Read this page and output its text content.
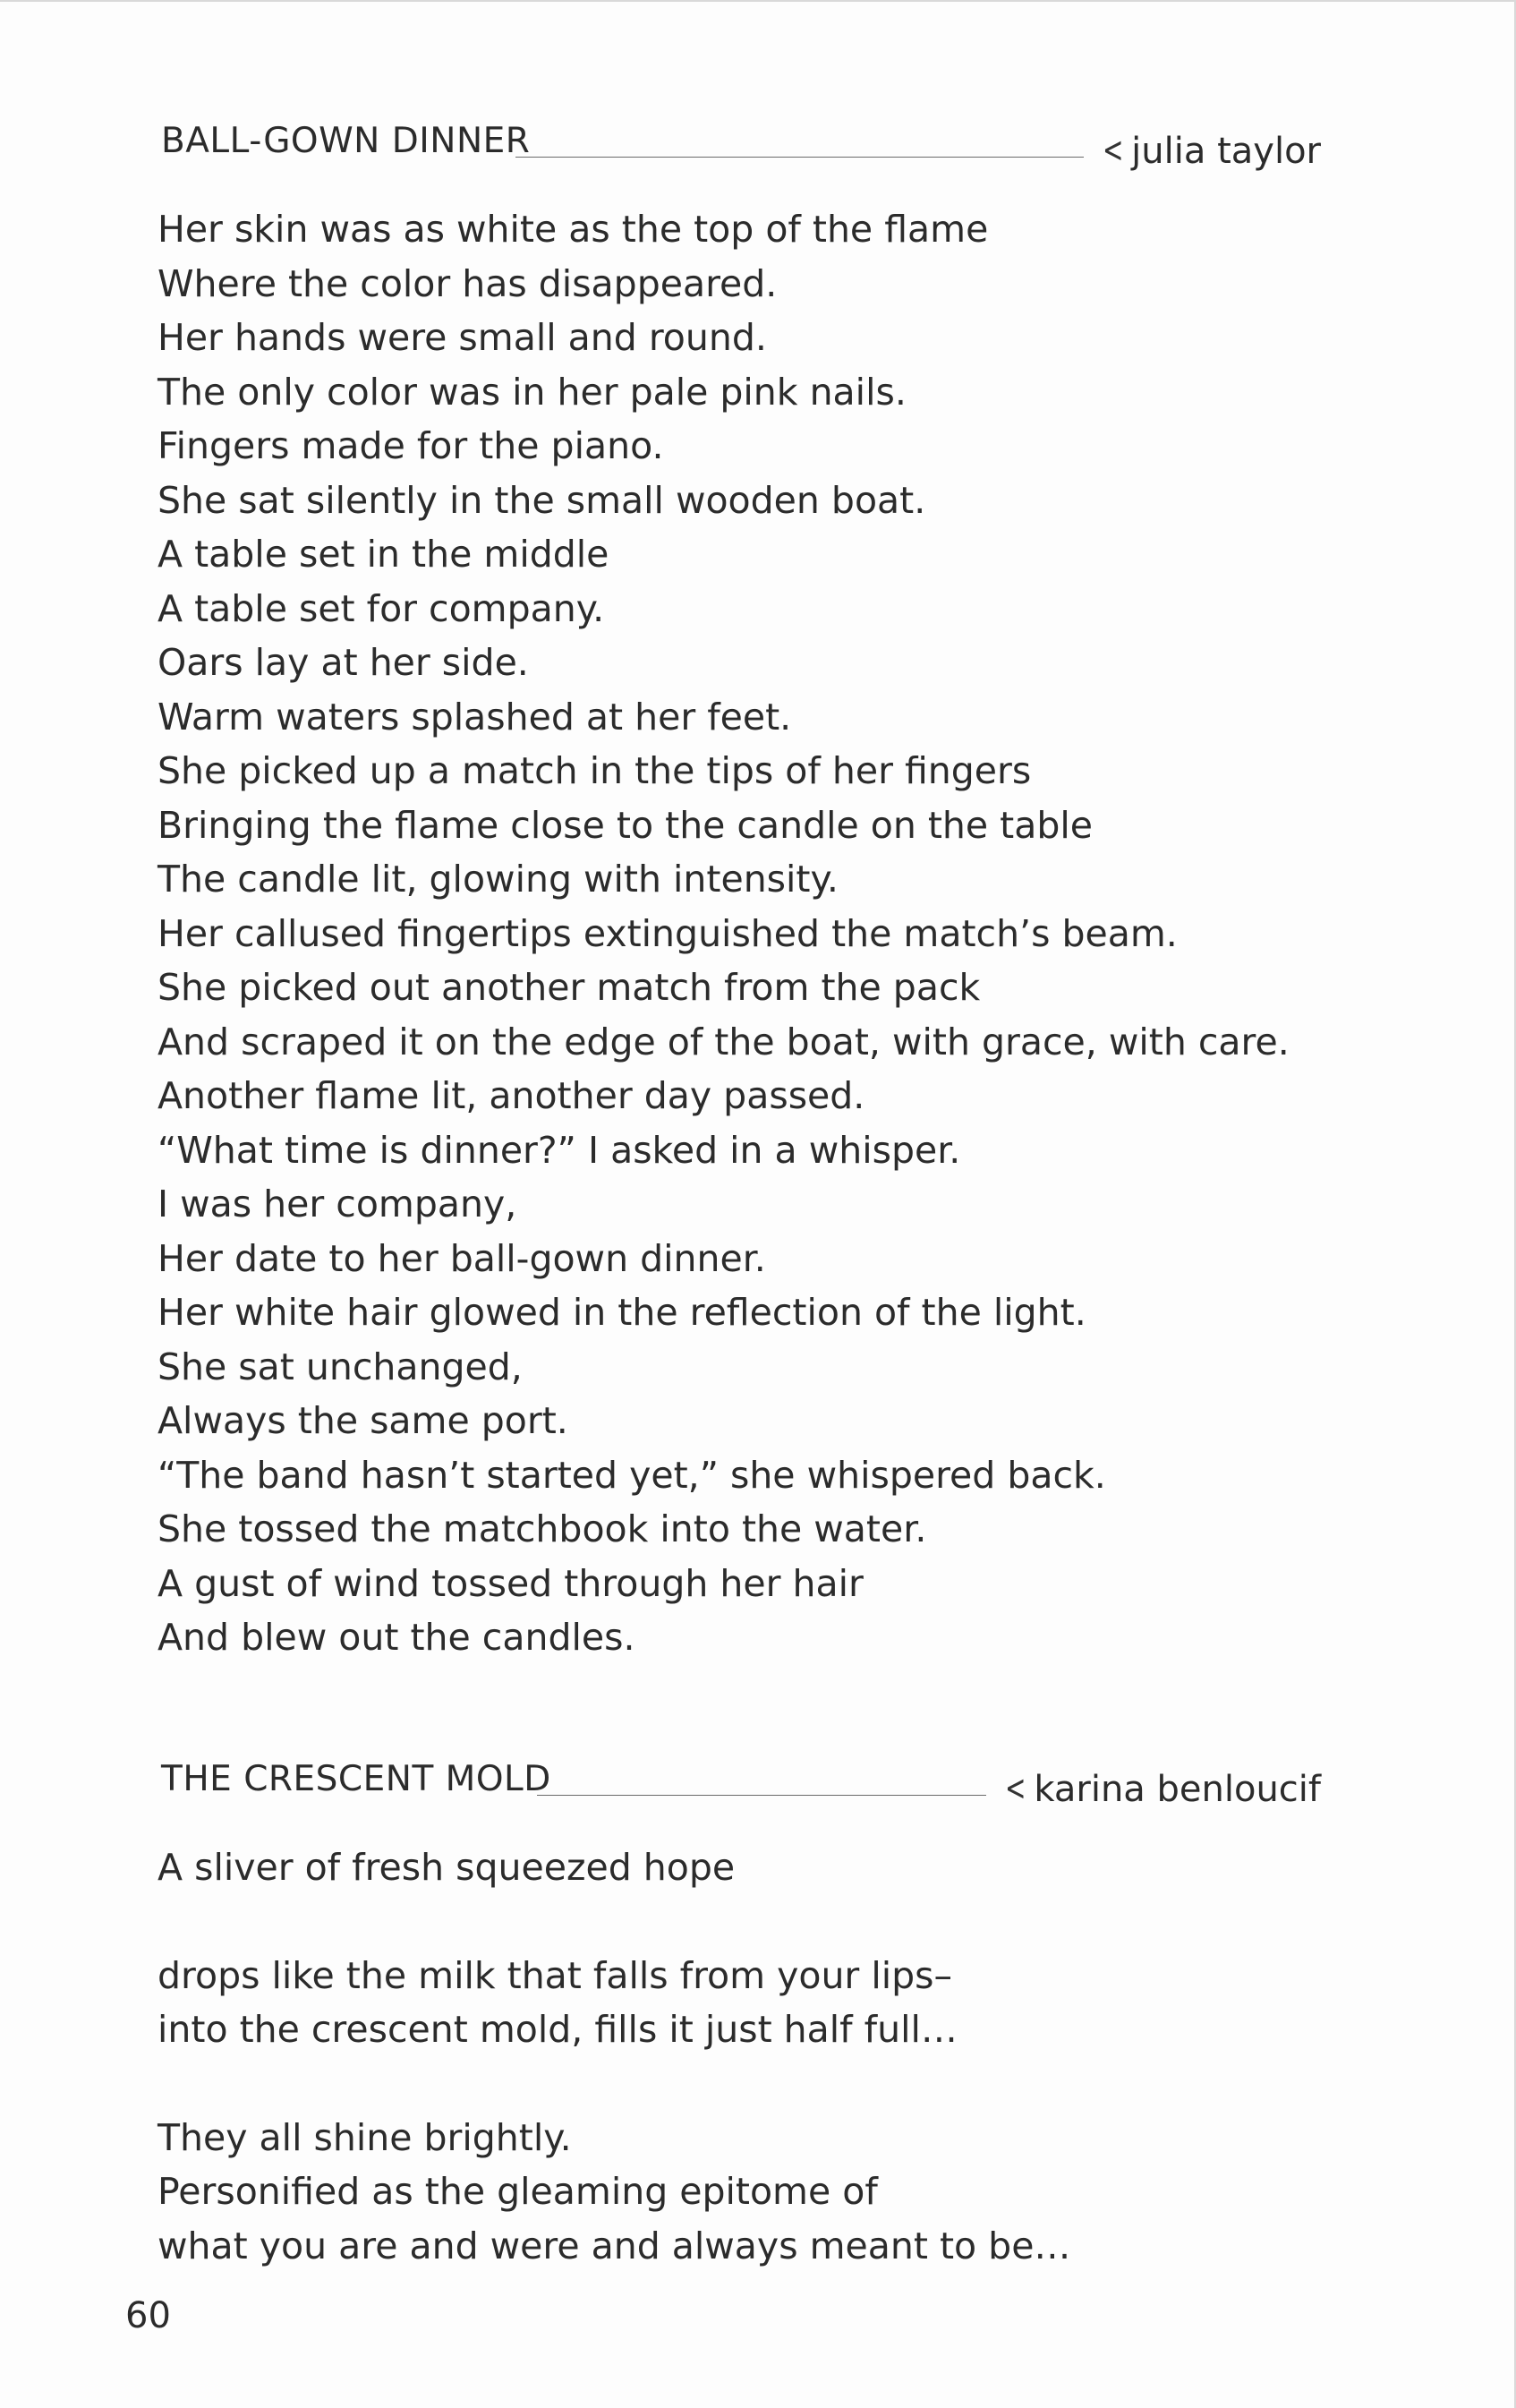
BALL-GOWN DINNER	< julia taylor
Her skin was as white as the top of the flame
Where the color has disappeared.
Her hands were small and round.
The only color was in her pale pink nails.
Fingers made for the piano.
She sat silently in the small wooden boat.
A table set in the middle
A table set for company.
Oars lay at her side.
Warm waters splashed at her feet.
She picked up a match in the tips of her fingers
Bringing the flame close to the candle on the table
The candle lit, glowing with intensity.
Her callused fingertips extinguished the match’s beam.
She picked out another match from the pack
And scraped it on the edge of the boat, with grace, with care.
Another flame lit, another day passed.
“What time is dinner?” I asked in a whisper.
I was her company,
Her date to her ball-gown dinner.
Her white hair glowed in the reflection of the light.
She sat unchanged,
Always the same port.
“The band hasn’t started yet,” she whispered back.
She tossed the matchbook into the water.
A gust of wind tossed through her hair
And blew out the candles.
THE CRESCENT MOLD	< karina benloucif
A sliver of fresh squeezed hope
drops like the milk that falls from your lips–
into the crescent mold, fills it just half full…
They all shine brightly.
Personified as the gleaming epitome of
what you are and were and always meant to be…
60
